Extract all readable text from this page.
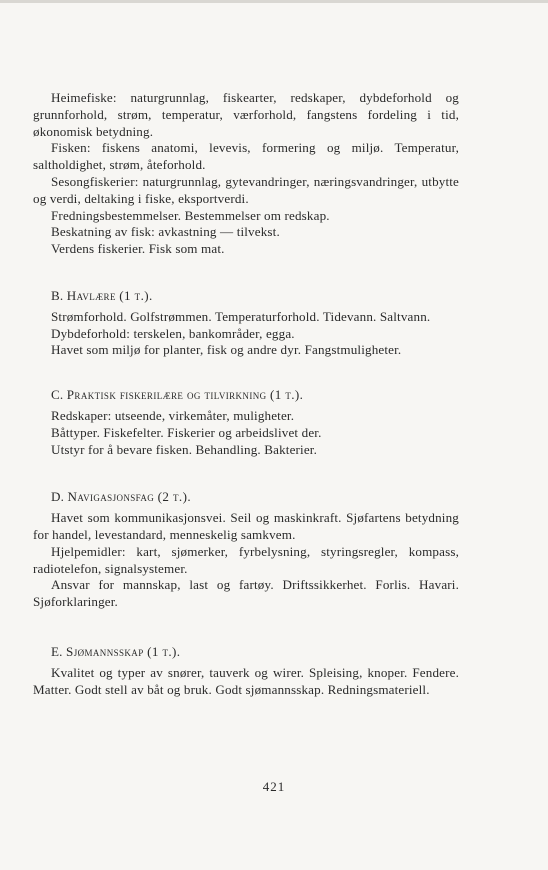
Heimefiske: naturgrunnlag, fiskearter, redskaper, dybdeforhold og grunnforhold, strøm, temperatur, værforhold, fangstens fordeling i tid, økonomisk betydning.

Fisken: fiskens anatomi, levevis, formering og miljø. Temperatur, saltholdighet, strøm, åteforhold.

Sesongfiskerier: naturgrunnlag, gytevandringer, næringsvandringer, utbytte og verdi, deltaking i fiske, eksportverdi.

Fredningsbestemmelser. Bestemmelser om redskap.

Beskatning av fisk: avkastning — tilvekst.

Verdens fiskerier. Fisk som mat.

B. Havlære (1 t.).

Strømforhold. Golfstrømmen. Temperaturforhold. Tidevann. Saltvann.

Dybdeforhold: terskelen, bankområder, egga.

Havet som miljø for planter, fisk og andre dyr. Fangstmuligheter.

C. Praktisk fiskerilære og tilvirkning (1 t.).

Redskaper: utseende, virkemåter, muligheter.

Båttyper. Fiskefelter. Fiskerier og arbeidslivet der.

Utstyr for å bevare fisken. Behandling. Bakterier.

D. Navigasjonsfag (2 t.).

Havet som kommunikasjonsvei. Seil og maskinkraft. Sjøfartens betydning for handel, levestandard, menneskelig samkvem.

Hjelpemidler: kart, sjømerker, fyrbelysning, styringsregler, kompass, radiotelefon, signalsystemer.

Ansvar for mannskap, last og fartøy. Driftssikkerhet. Forlis. Havari. Sjøforklaringer.

E. Sjømannsskap (1 t.).

Kvalitet og typer av snører, tauverk og wirer. Spleising, knoper. Fendere. Matter. Godt stell av båt og bruk. Godt sjømannsskap. Redningsmateriell.

421
